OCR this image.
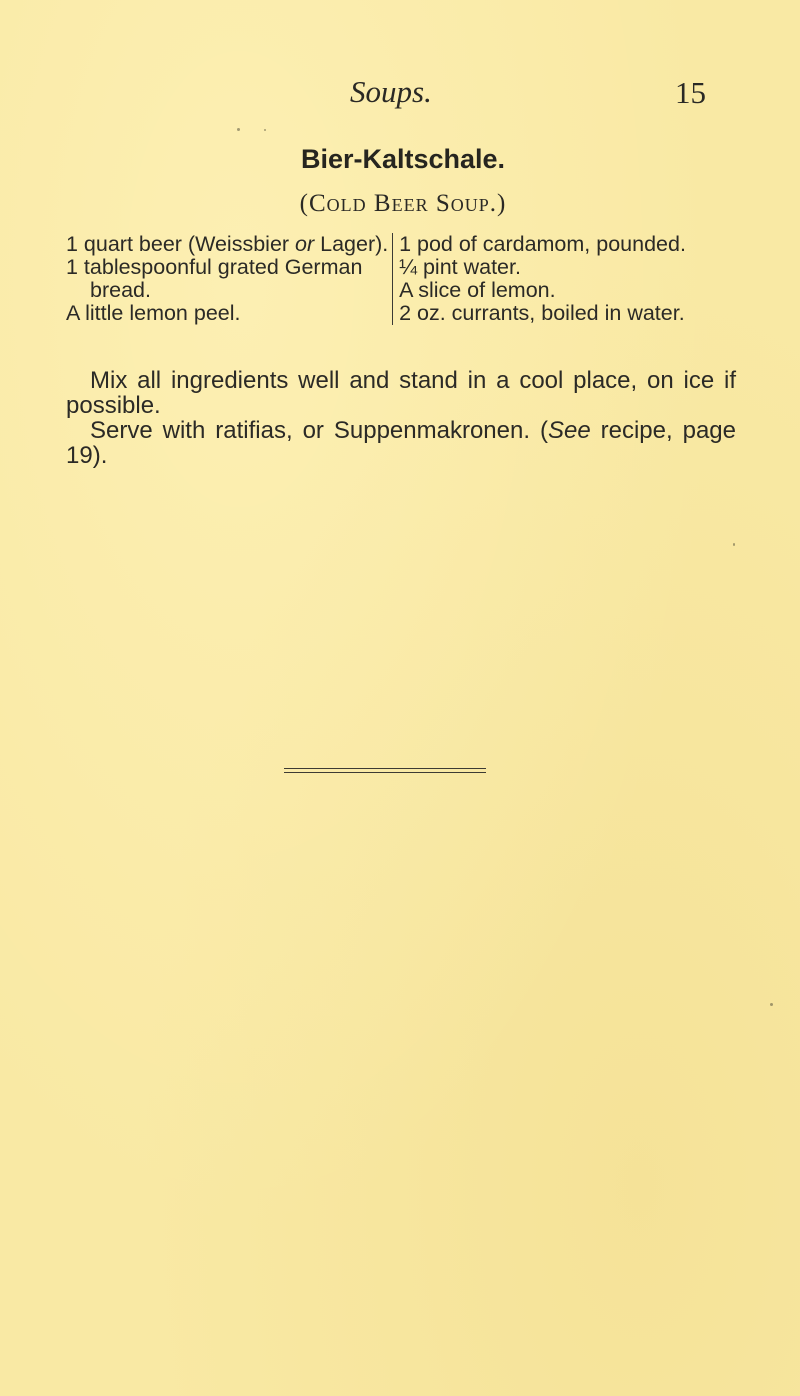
Soups.	15
Bier-Kaltschale.
(Cold Beer Soup.)
1 quart beer (Weissbier or Lager).
1 tablespoonful grated German bread.
A little lemon peel.
1 pod of cardamom, pounded.
¼ pint water.
A slice of lemon.
2 oz. currants, boiled in water.

Mix all ingredients well and stand in a cool place, on ice if possible.

Serve with ratifias, or Suppenmakronen. (See recipe, page 19).
